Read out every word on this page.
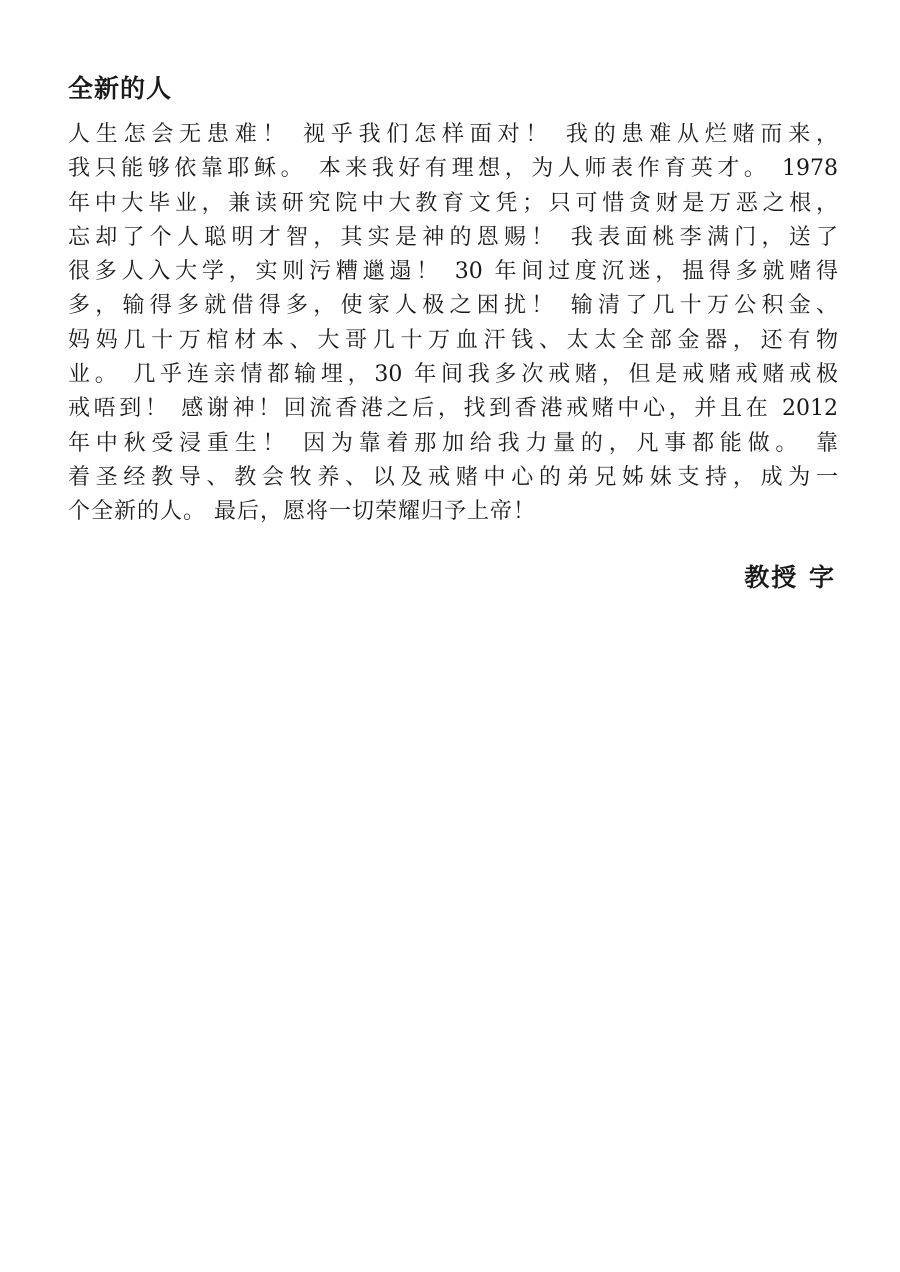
全新的人
人生怎会无患难！ 视乎我们怎样面对！ 我的患难从烂赌而来，
我只能够依靠耶稣。 本来我好有理想，为人师表作育英才。 1978
年中大毕业，兼读研究院中大教育文凭；只可惜贪财是万恶之根，
忘却了个人聪明才智，其实是神的恩赐！ 我表面桃李满门，送了
很多人入大学，实则污糟邋遢！ 30 年间过度沉迷，揾得多就赌得
多，输得多就借得多，使家人极之困扰！ 输清了几十万公积金、
妈妈几十万棺材本、大哥几十万血汗钱、太太全部金器，还有物
业。 几乎连亲情都输埋，30 年间我多次戒赌，但是戒赌戒赌戒极
戒唔到！ 感谢神！回流香港之后，找到香港戒赌中心，并且在 2012
年中秋受浸重生！ 因为靠着那加给我力量的，凡事都能做。 靠
着圣经教导、教会牧养、以及戒赌中心的弟兄姊妹支持，成为一
个全新的人。 最后，愿将一切荣耀归予上帝！
教授 字
